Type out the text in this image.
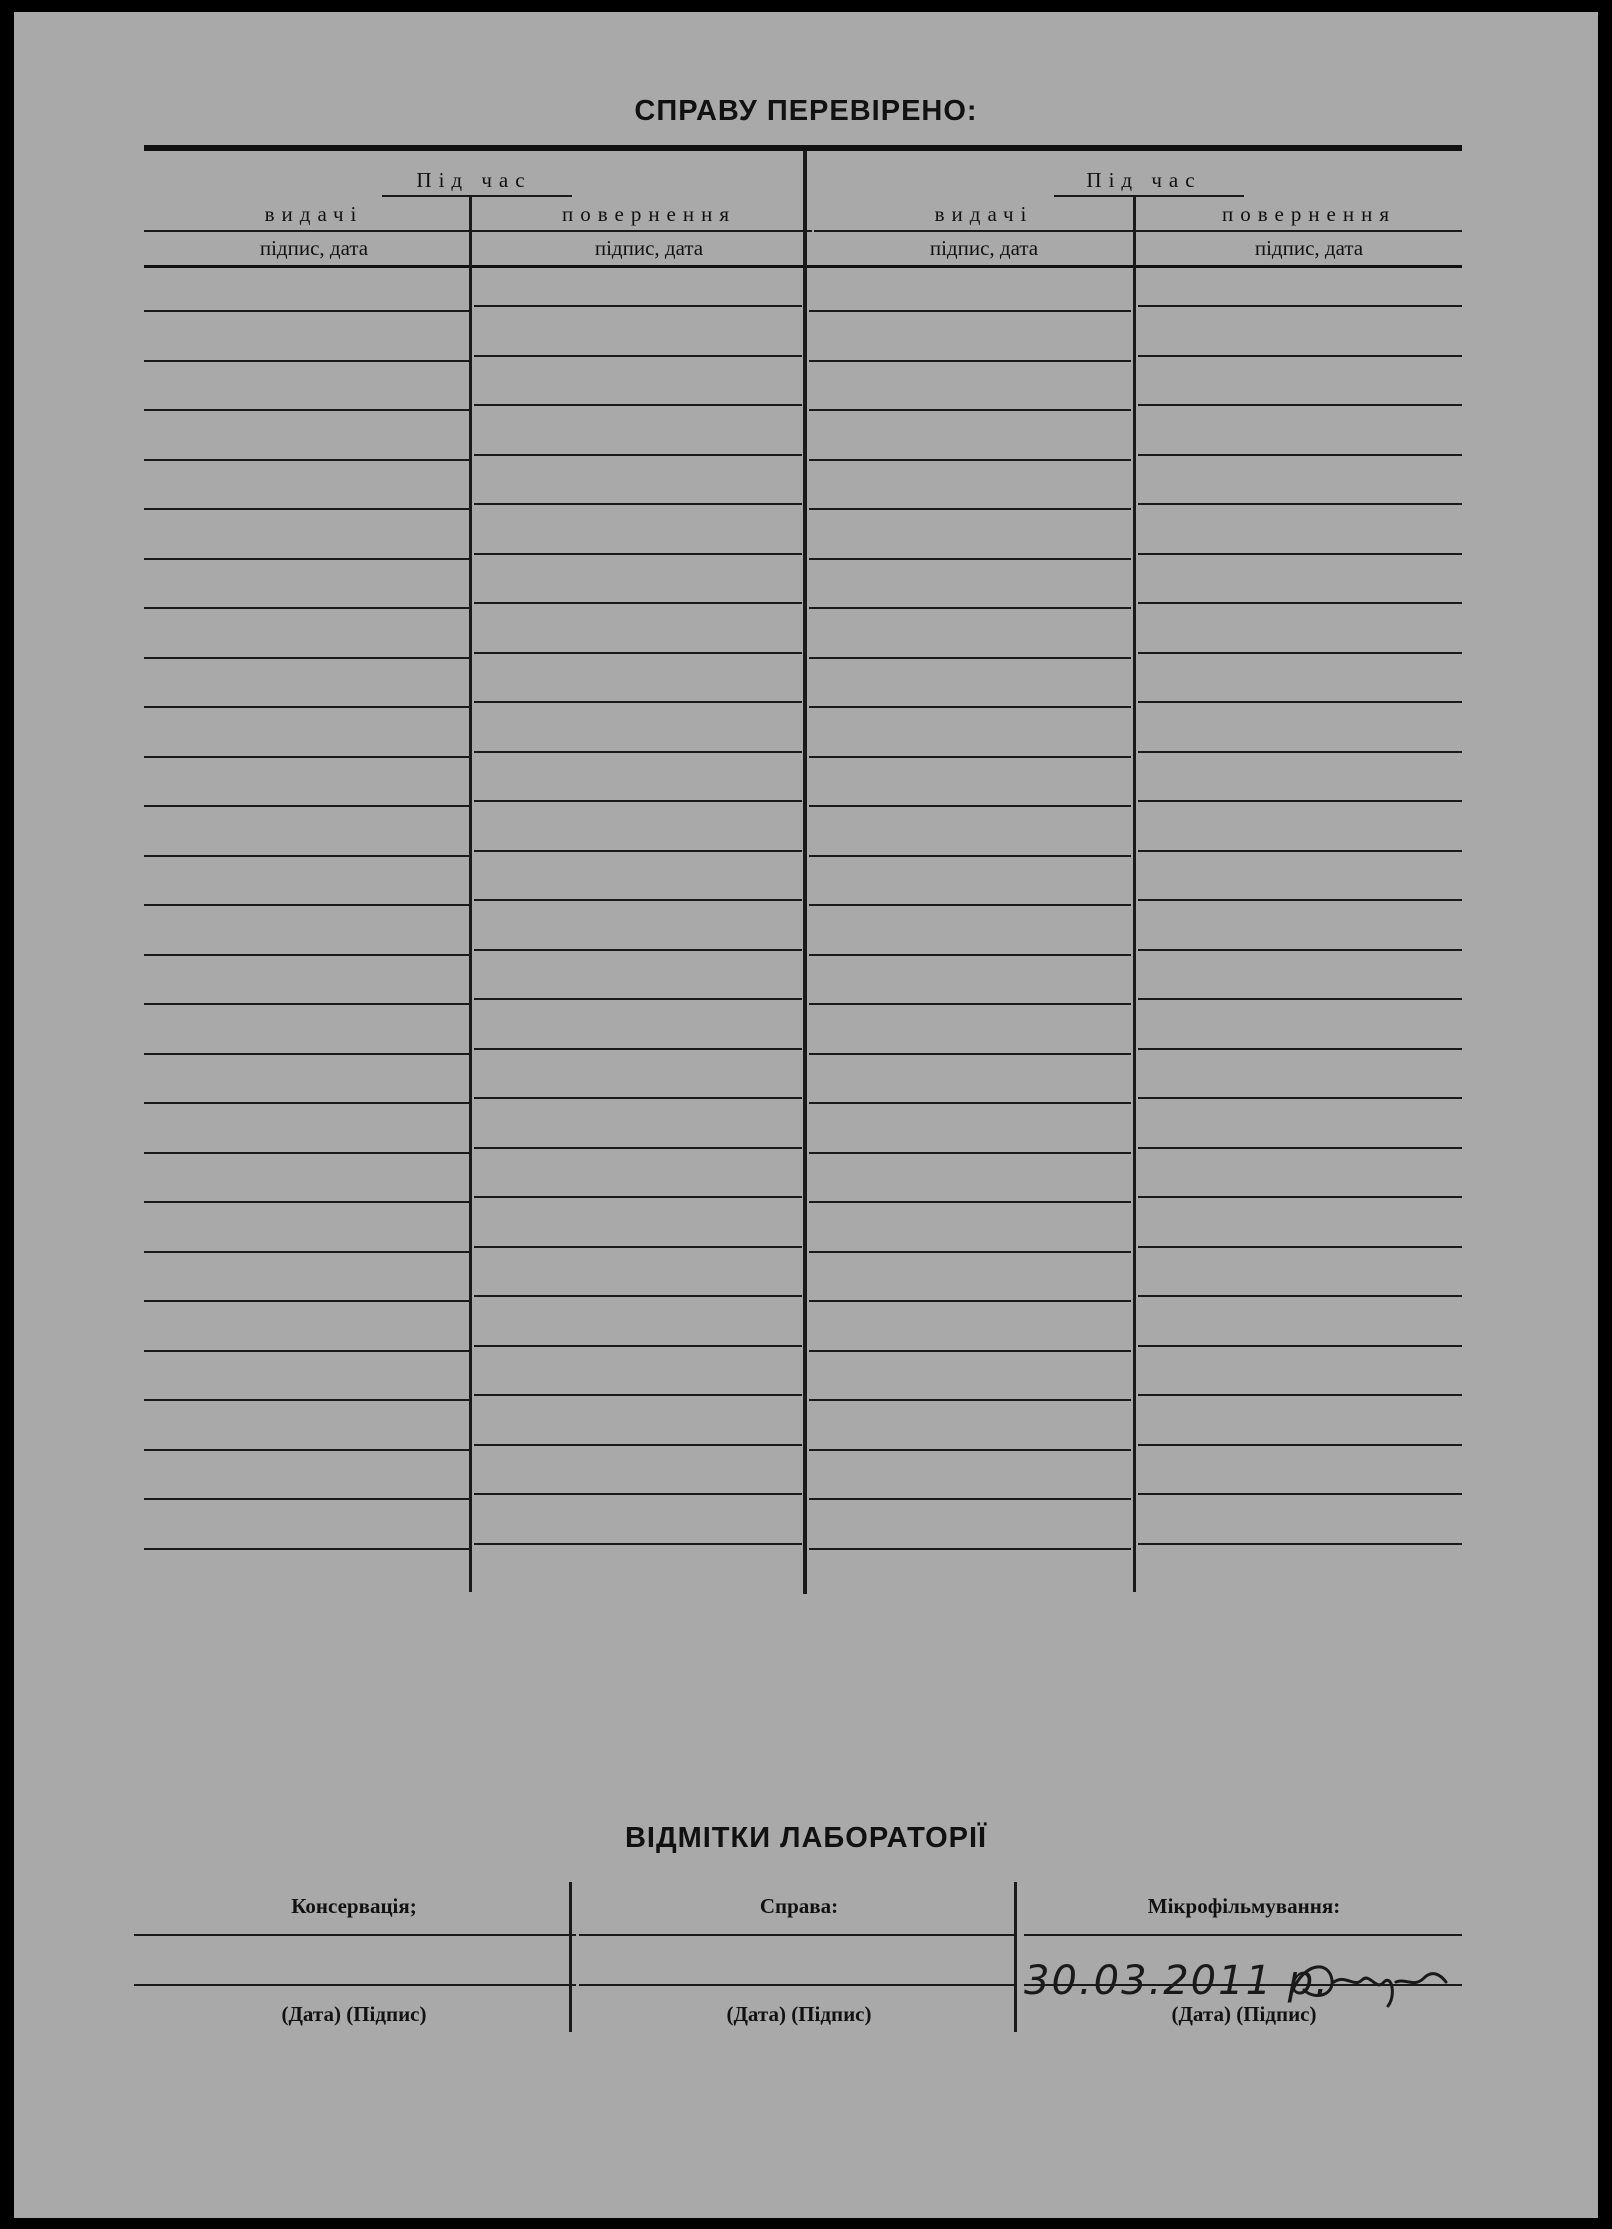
СПРАВУ ПЕРЕВІРЕНО:
Під час
видачі	повернення
підпис, дата	підпис, дата
Під час
видачі	повернення
підпис, дата	підпис, дата
ВІДМІТКИ ЛАБОРАТОРІЇ
Консервація;	Справа:	Мікрофільмування:
30.03.2011 р.
(Дата) (Підпис)	(Дата) (Підпис)	(Дата) (Підпис)
